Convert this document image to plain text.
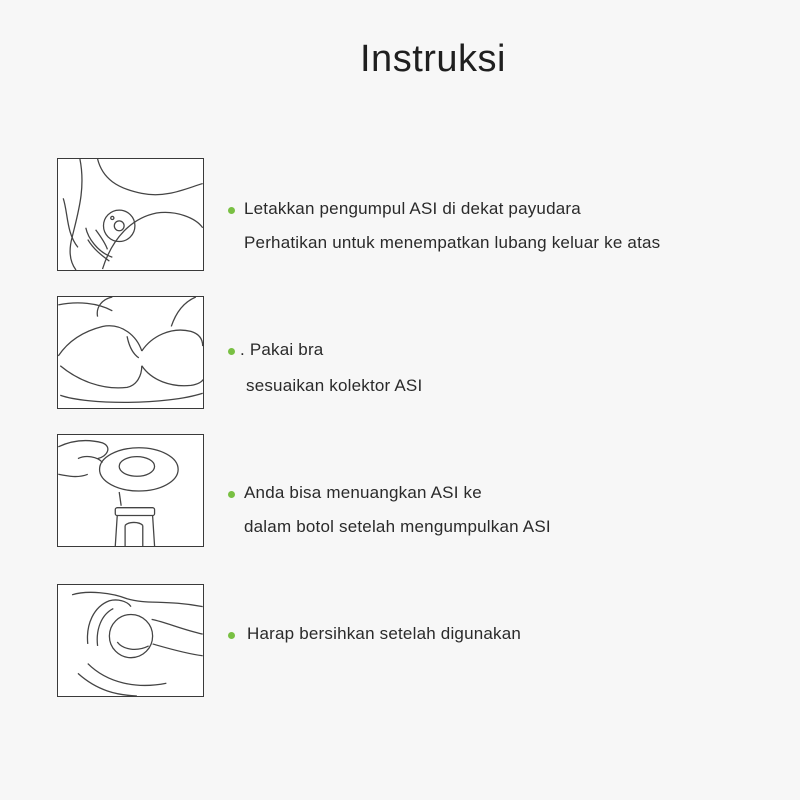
Instruksi
Letakkan pengumpul ASI di dekat payudara
Perhatikan untuk menempatkan lubang keluar ke atas
. Pakai bra
sesuaikan kolektor ASI
Anda bisa menuangkan ASI ke
dalam botol setelah mengumpulkan ASI
Harap bersihkan setelah digunakan
